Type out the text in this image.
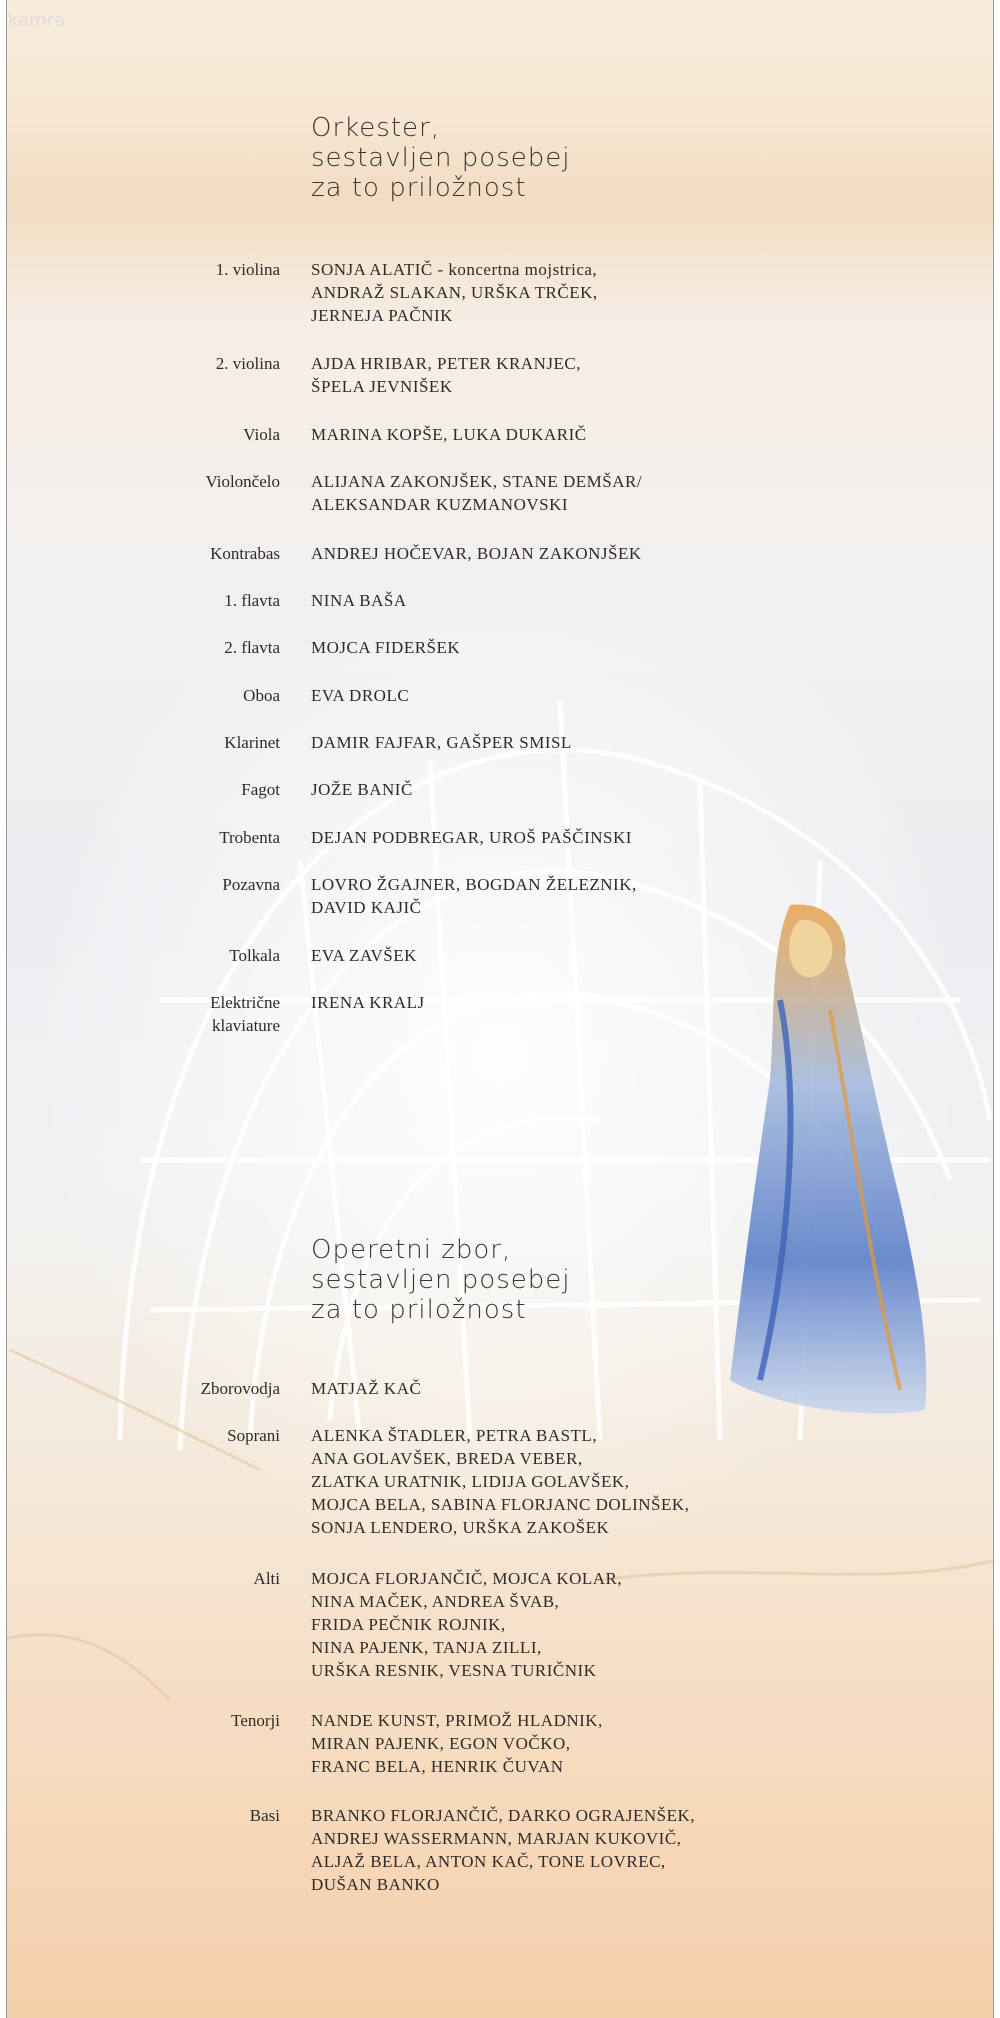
kamra
Orkester,
sestavljen posebej
za to priložnost
1. violina SONJA ALATIČ - koncertna mojstrica,
ANDRAŽ SLAKAN, URŠKA TRČEK,
JERNEJA PAČNIK
2. violina AJDA HRIBAR, PETER KRANJEC,
ŠPELA JEVNIŠEK
Viola MARINA KOPŠE, LUKA DUKARIČ
Violončelo ALIJANA ZAKONJŠEK, STANE DEMŠAR/
ALEKSANDAR KUZMANOVSKI
Kontrabas ANDREJ HOČEVAR, BOJAN ZAKONJŠEK
1. flavta NINA BAŠA
2. flavta MOJCA FIDERŠEK
Oboa EVA DROLC
Klarinet DAMIR FAJFAR, GAŠPER SMISL
Fagot JOŽE BANIČ
Trobenta DEJAN PODBREGAR, UROŠ PAŠČINSKI
Pozavna LOVRO ŽGAJNER, BOGDAN ŽELEZNIK,
DAVID KAJIČ
Tolkala EVA ZAVŠEK
Električne
klaviature
IRENA KRALJ
Operetni zbor,
sestavljen posebej
za to priložnost
Zborovodja MATJAŽ KAČ
Soprani ALENKA ŠTADLER, PETRA BASTL,
ANA GOLAVŠEK, BREDA VEBER,
ZLATKA URATNIK, LIDIJA GOLAVŠEK,
MOJCA BELA, SABINA FLORJANC DOLINŠEK,
SONJA LENDERO, URŠKA ZAKOŠEK
Alti MOJCA FLORJANČIČ, MOJCA KOLAR,
NINA MAČEK, ANDREA ŠVAB,
FRIDA PEČNIK ROJNIK,
NINA PAJENK, TANJA ZILLI,
URŠKA RESNIK, VESNA TURIČNIK
Tenorji NANDE KUNST, PRIMOŽ HLADNIK,
MIRAN PAJENK, EGON VOČKO,
FRANC BELA, HENRIK ČUVAN
Basi BRANKO FLORJANČIČ, DARKO OGRAJENŠEK,
ANDREJ WASSERMANN, MARJAN KUKOVIČ,
ALJAŽ BELA, ANTON KAČ, TONE LOVREC,
DUŠAN BANKO
